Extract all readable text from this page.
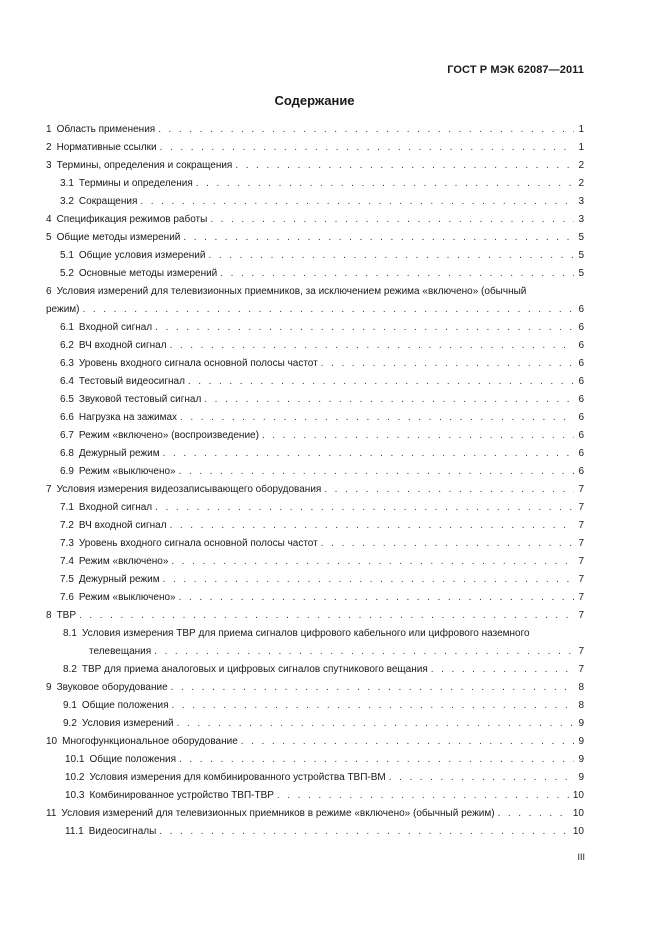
ГОСТ Р МЭК 62087—2011
Содержание
1 Область применения . . .	1
2 Нормативные ссылки . . .	1
3 Термины, определения и сокращения . . .	2
3.1 Термины и определения . . .	2
3.2 Сокращения . . .	3
4 Спецификация режимов работы . . .	3
5 Общие методы измерений . . .	5
5.1 Общие условия измерений . . .	5
5.2 Основные методы измерений . . .	5
6 Условия измерений для телевизионных приемников, за исключением режима «включено» (обычный
режим) . . .	6
6.1 Входной сигнал . . .	6
6.2 ВЧ входной сигнал . . .	6
6.3 Уровень входного сигнала основной полосы частот . . .	6
6.4 Тестовый видеосигнал . . .	6
6.5 Звуковой тестовый сигнал . . .	6
6.6 Нагрузка на зажимах . . .	6
6.7 Режим «включено» (воспроизведение) . . .	6
6.8 Дежурный режим . . .	6
6.9 Режим «выключено» . . .	6
7 Условия измерения видеозаписывающего оборудования . . .	7
7.1 Входной сигнал . . .	7
7.2 ВЧ входной сигнал . . .	7
7.3 Уровень входного сигнала основной полосы частот . . .	7
7.4 Режим «включено» . . .	7
7.5 Дежурный режим . . .	7
7.6 Режим «выключено» . . .	7
8 ТВР . . .	7
8.1 Условия измерения ТВР для приема сигналов цифрового кабельного или цифрового наземного
телевещания . . .	7
8.2 ТВР для приема аналоговых и цифровых сигналов спутникового вещания . . .	7
9 Звуковое оборудование . . .	8
9.1 Общие положения . . .	8
9.2 Условия измерений . . .	9
10 Многофункциональное оборудование . . .	9
10.1 Общие положения . . .	9
10.2 Условия измерения для комбинированного устройства ТВП-ВМ . . .	9
10.3 Комбинированное устройство ТВП-ТВР . . .	10
11 Условия измерений для телевизионных приемников в режиме «включено» (обычный режим) . . .	10
11.1 Видеосигналы . . .	10
III
